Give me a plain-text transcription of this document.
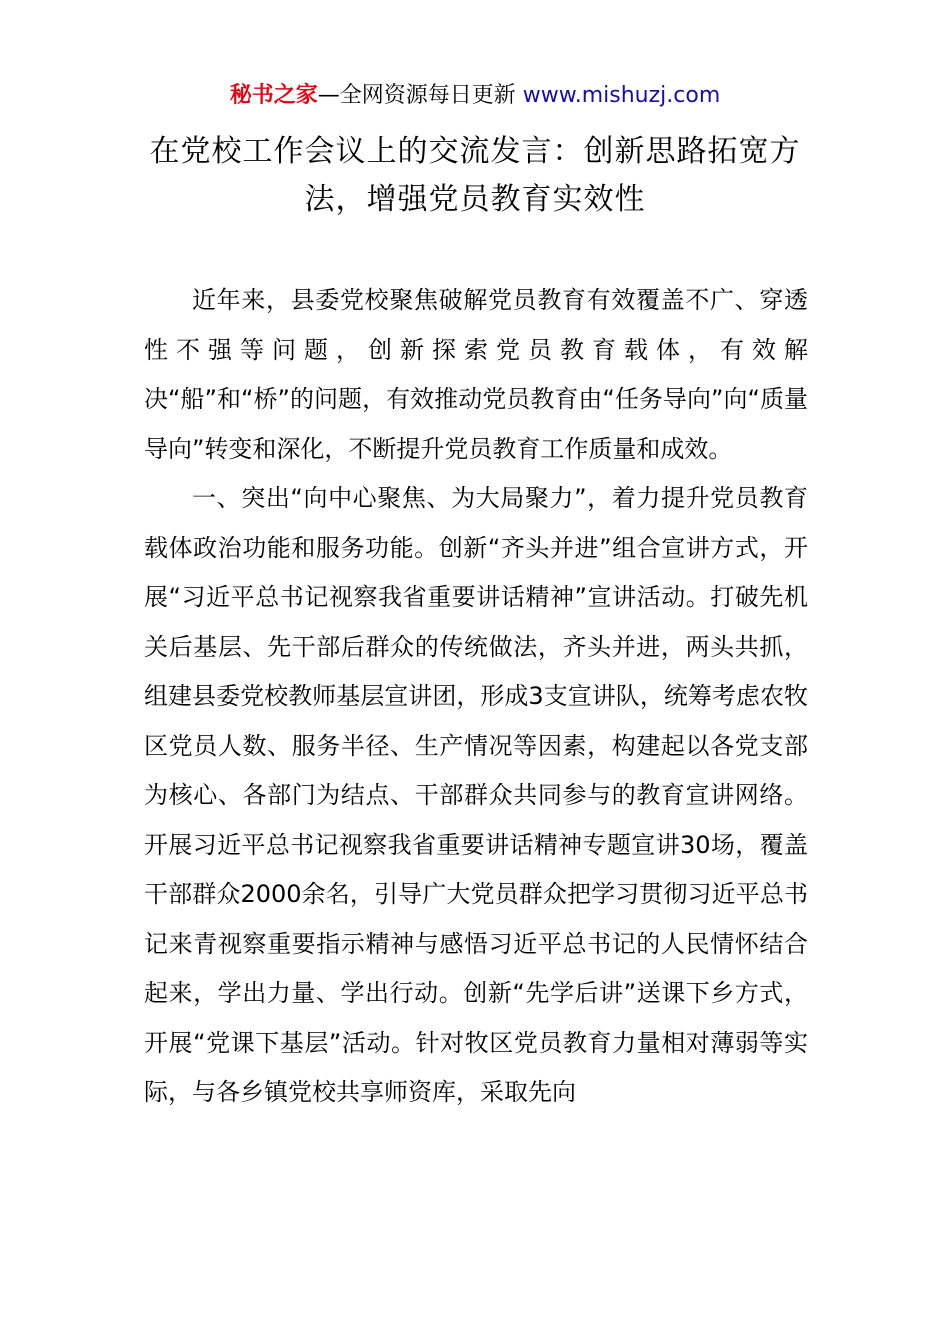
秘书之家—全网资源每日更新 www.mishuzj.com
在党校工作会议上的交流发言：创新思路拓宽方法，增强党员教育实效性

近年来，县委党校聚焦破解党员教育有效覆盖不广、穿透性不强等问题，创新探索党员教育载体，有效解决“船”和“桥”的问题，有效推动党员教育由“任务导向”向“质量导向”转变和深化，不断提升党员教育工作质量和成效。

一、突出“向中心聚焦、为大局聚力”，着力提升党员教育载体政治功能和服务功能。创新“齐头并进”组合宣讲方式，开展“习近平总书记视察我省重要讲话精神”宣讲活动。打破先机关后基层、先干部后群众的传统做法，齐头并进，两头共抓，组建县委党校教师基层宣讲团，形成3支宣讲队，统筹考虑农牧区党员人数、服务半径、生产情况等因素，构建起以各党支部为核心、各部门为结点、干部群众共同参与的教育宣讲网络。开展习近平总书记视察我省重要讲话精神专题宣讲30场，覆盖干部群众2000余名，引导广大党员群众把学习贯彻习近平总书记来青视察重要指示精神与感悟习近平总书记的人民情怀结合起来，学出力量、学出行动。创新“先学后讲”送课下乡方式，开展“党课下基层”活动。针对牧区党员教育力量相对薄弱等实际，与各乡镇党校共享师资库，采取先向
